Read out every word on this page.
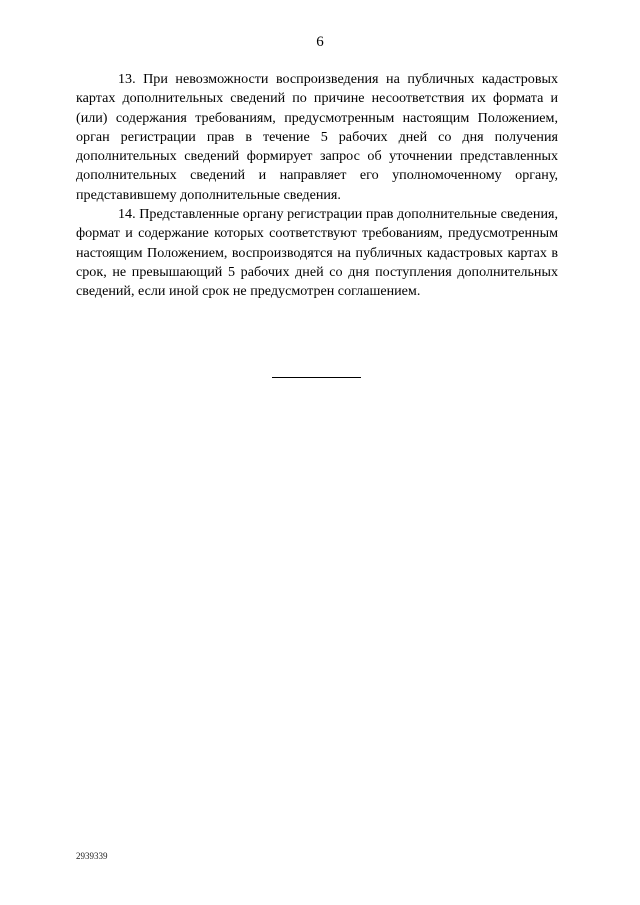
6

13. При невозможности воспроизведения на публичных кадастровых картах дополнительных сведений по причине несоответствия их формата и (или) содержания требованиям, предусмотренным настоящим Положением, орган регистрации прав в течение 5 рабочих дней со дня получения дополнительных сведений формирует запрос об уточнении представленных дополнительных сведений и направляет его уполномоченному органу, представившему дополнительные сведения.

14. Представленные органу регистрации прав дополнительные сведения, формат и содержание которых соответствуют требованиям, предусмотренным настоящим Положением, воспроизводятся на публичных кадастровых картах в срок, не превышающий 5 рабочих дней со дня поступления дополнительных сведений, если иной срок не предусмотрен соглашением.

2939339
